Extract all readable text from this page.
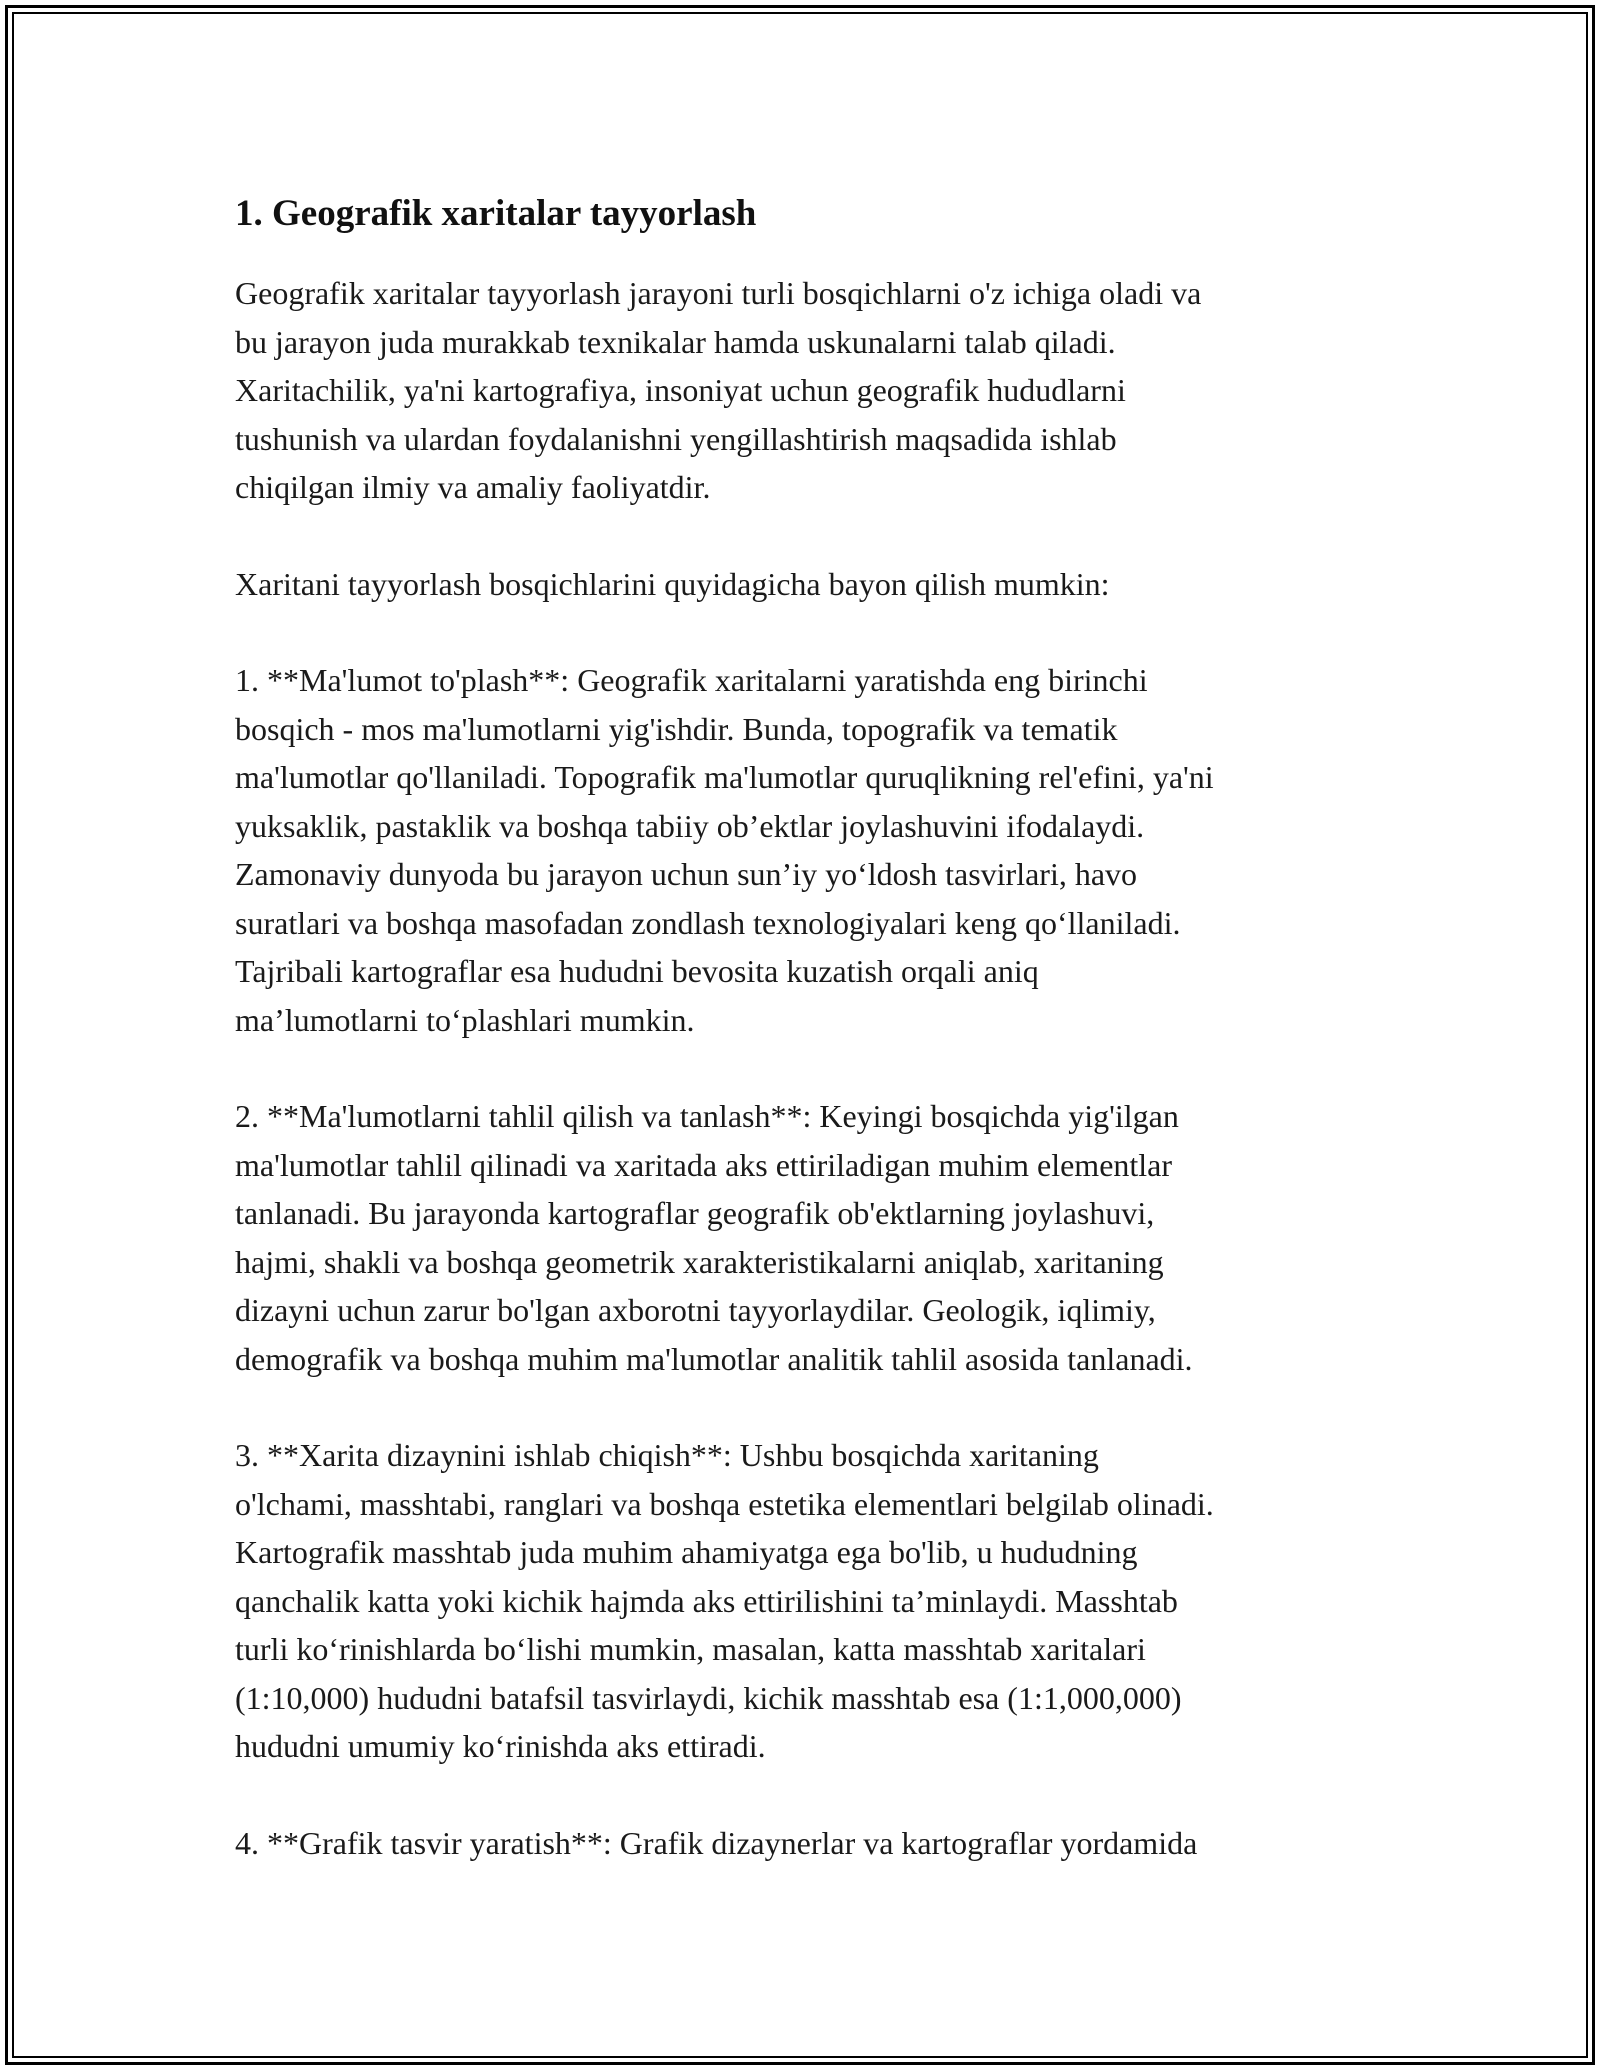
1. Geografik xaritalar tayyorlash

Geografik xaritalar tayyorlash jarayoni turli bosqichlarni o'z ichiga oladi va
bu jarayon juda murakkab texnikalar hamda uskunalarni talab qiladi.
Xaritachilik, ya'ni kartografiya, insoniyat uchun geografik hududlarni
tushunish va ulardan foydalanishni yengillashtirish maqsadida ishlab
chiqilgan ilmiy va amaliy faoliyatdir.

Xaritani tayyorlash bosqichlarini quyidagicha bayon qilish mumkin:

1. **Ma'lumot to'plash**: Geografik xaritalarni yaratishda eng birinchi
bosqich - mos ma'lumotlarni yig'ishdir. Bunda, topografik va tematik
ma'lumotlar qo'llaniladi. Topografik ma'lumotlar quruqlikning rel'efini, ya'ni
yuksaklik, pastaklik va boshqa tabiiy ob’ektlar joylashuvini ifodalaydi.
Zamonaviy dunyoda bu jarayon uchun sun’iy yo‘ldosh tasvirlari, havo
suratlari va boshqa masofadan zondlash texnologiyalari keng qo‘llaniladi.
Tajribali kartograflar esa hududni bevosita kuzatish orqali aniq
ma’lumotlarni to‘plashlari mumkin.

2. **Ma'lumotlarni tahlil qilish va tanlash**: Keyingi bosqichda yig'ilgan
ma'lumotlar tahlil qilinadi va xaritada aks ettiriladigan muhim elementlar
tanlanadi. Bu jarayonda kartograflar geografik ob'ektlarning joylashuvi,
hajmi, shakli va boshqa geometrik xarakteristikalarni aniqlab, xaritaning
dizayni uchun zarur bo'lgan axborotni tayyorlaydilar. Geologik, iqlimiy,
demografik va boshqa muhim ma'lumotlar analitik tahlil asosida tanlanadi.

3. **Xarita dizaynini ishlab chiqish**: Ushbu bosqichda xaritaning
o'lchami, masshtabi, ranglari va boshqa estetika elementlari belgilab olinadi.
Kartografik masshtab juda muhim ahamiyatga ega bo'lib, u hududning
qanchalik katta yoki kichik hajmda aks ettirilishini ta’minlaydi. Masshtab
turli ko‘rinishlarda bo‘lishi mumkin, masalan, katta masshtab xaritalari
(1:10,000) hududni batafsil tasvirlaydi, kichik masshtab esa (1:1,000,000)
hududni umumiy ko‘rinishda aks ettiradi.

4. **Grafik tasvir yaratish**: Grafik dizaynerlar va kartograflar yordamida
